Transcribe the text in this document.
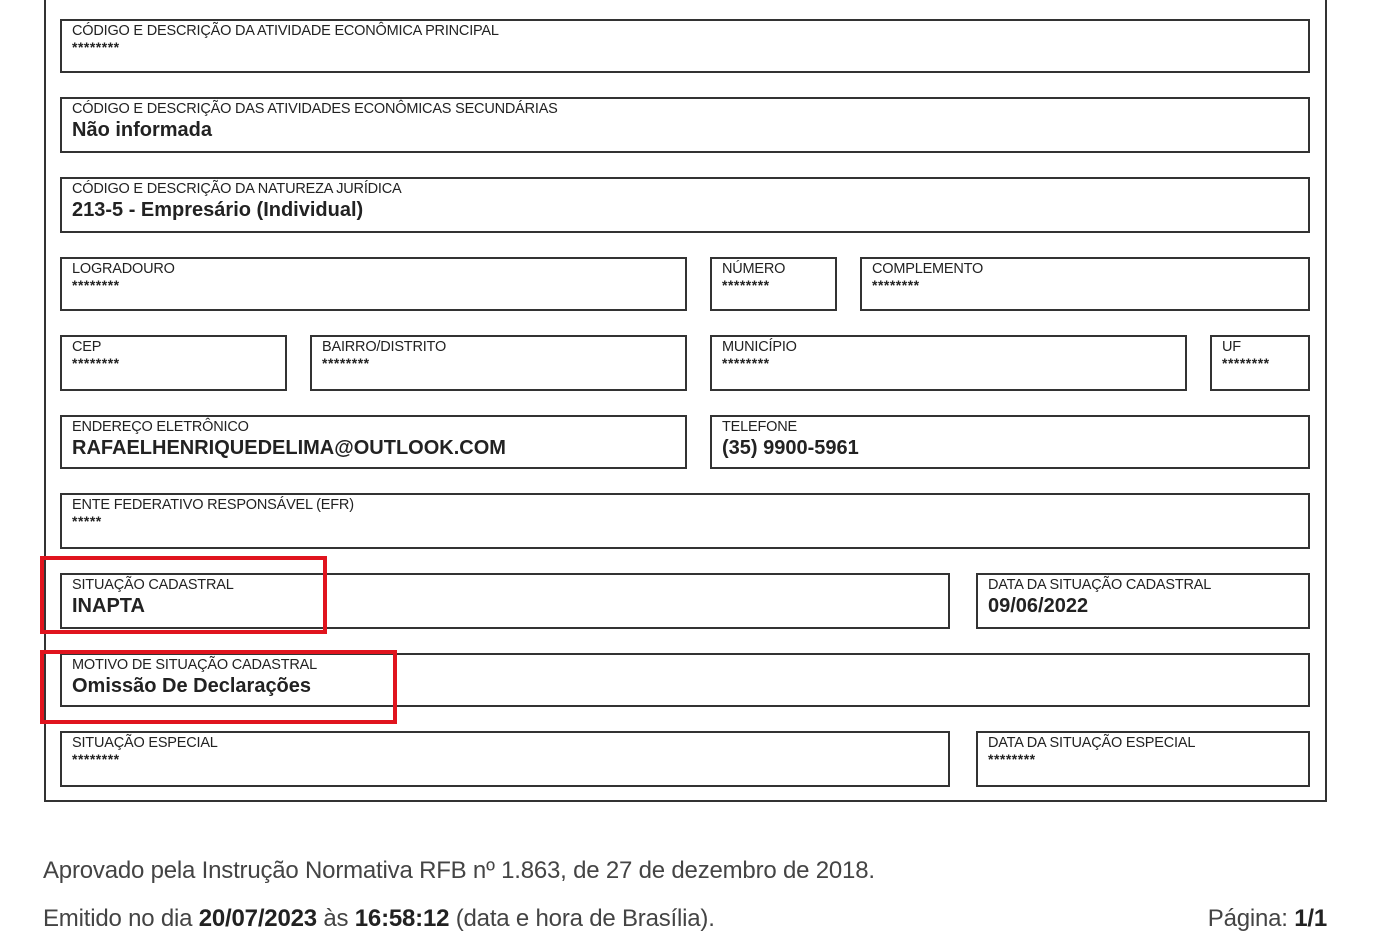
CÓDIGO E DESCRIÇÃO DA ATIVIDADE ECONÔMICA PRINCIPAL
********
CÓDIGO E DESCRIÇÃO DAS ATIVIDADES ECONÔMICAS SECUNDÁRIAS
Não informada
CÓDIGO E DESCRIÇÃO DA NATUREZA JURÍDICA
213-5 - Empresário (Individual)
LOGRADOURO
********
NÚMERO
********
COMPLEMENTO
********
CEP
********
BAIRRO/DISTRITO
********
MUNICÍPIO
********
UF
********
ENDEREÇO ELETRÔNICO
RAFAELHENRIQUEDELIMA@OUTLOOK.COM
TELEFONE
(35) 9900-5961
ENTE FEDERATIVO RESPONSÁVEL (EFR)
*****
SITUAÇÃO CADASTRAL
INAPTA
DATA DA SITUAÇÃO CADASTRAL
09/06/2022
MOTIVO DE SITUAÇÃO CADASTRAL
Omissão De Declarações
SITUAÇÃO ESPECIAL
********
DATA DA SITUAÇÃO ESPECIAL
********
Aprovado pela Instrução Normativa RFB nº 1.863, de 27 de dezembro de 2018.
Emitido no dia 20/07/2023 às 16:58:12 (data e hora de Brasília).	Página: 1/1
